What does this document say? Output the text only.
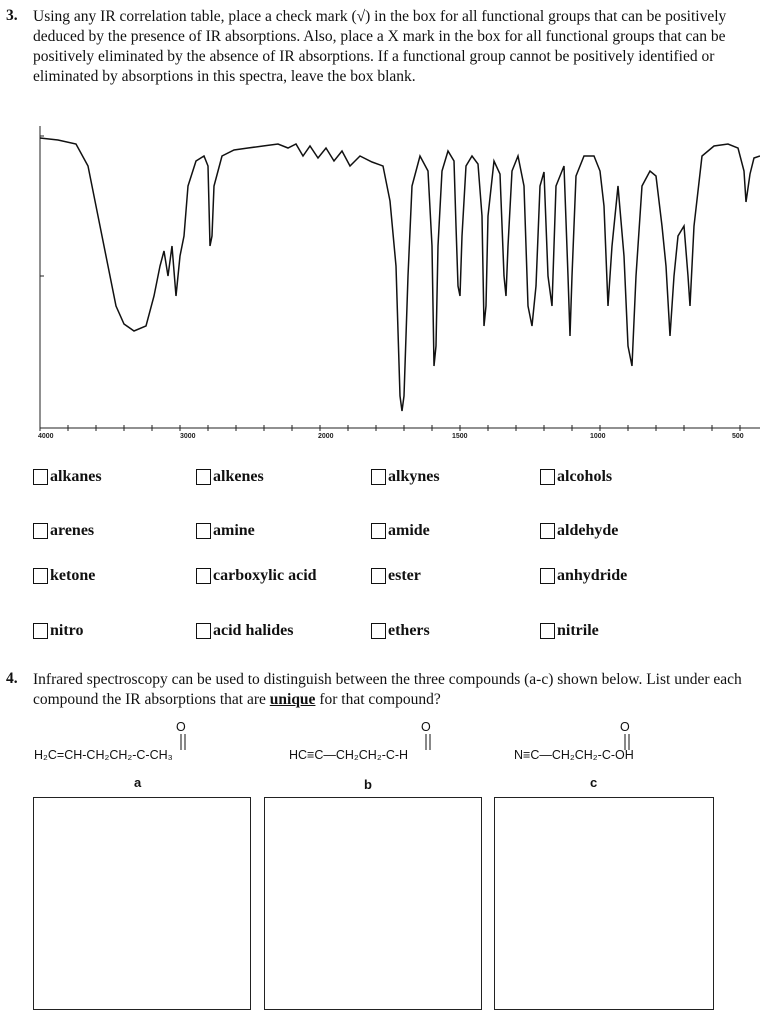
3. Using any IR correlation table, place a check mark (√) in the box for all functional groups that can be positively deduced by the presence of IR absorptions. Also, place a X mark in the box for all functional groups that can be positively eliminated by the absence of IR absorptions. If a functional group cannot be positively identified or eliminated by absorptions in this spectra, leave the box blank.
4000	3000	2000	1500	1000	500
alkanes	alkenes	alkynes	alcohols
arenes	amine	amide	aldehyde
ketone	carboxylic acid	ester	anhydride
nitro	acid halides	ethers	nitrile
4. Infrared spectroscopy can be used to distinguish between the three compounds (a-c) shown below. List under each compound the IR absorptions that are unique for that compound?
O
H₂C=CH-CH₂CH₂-C-CH₃
a
O
HC≡C—CH₂CH₂-C-H
b
O
N≡C—CH₂CH₂-C-OH
c
